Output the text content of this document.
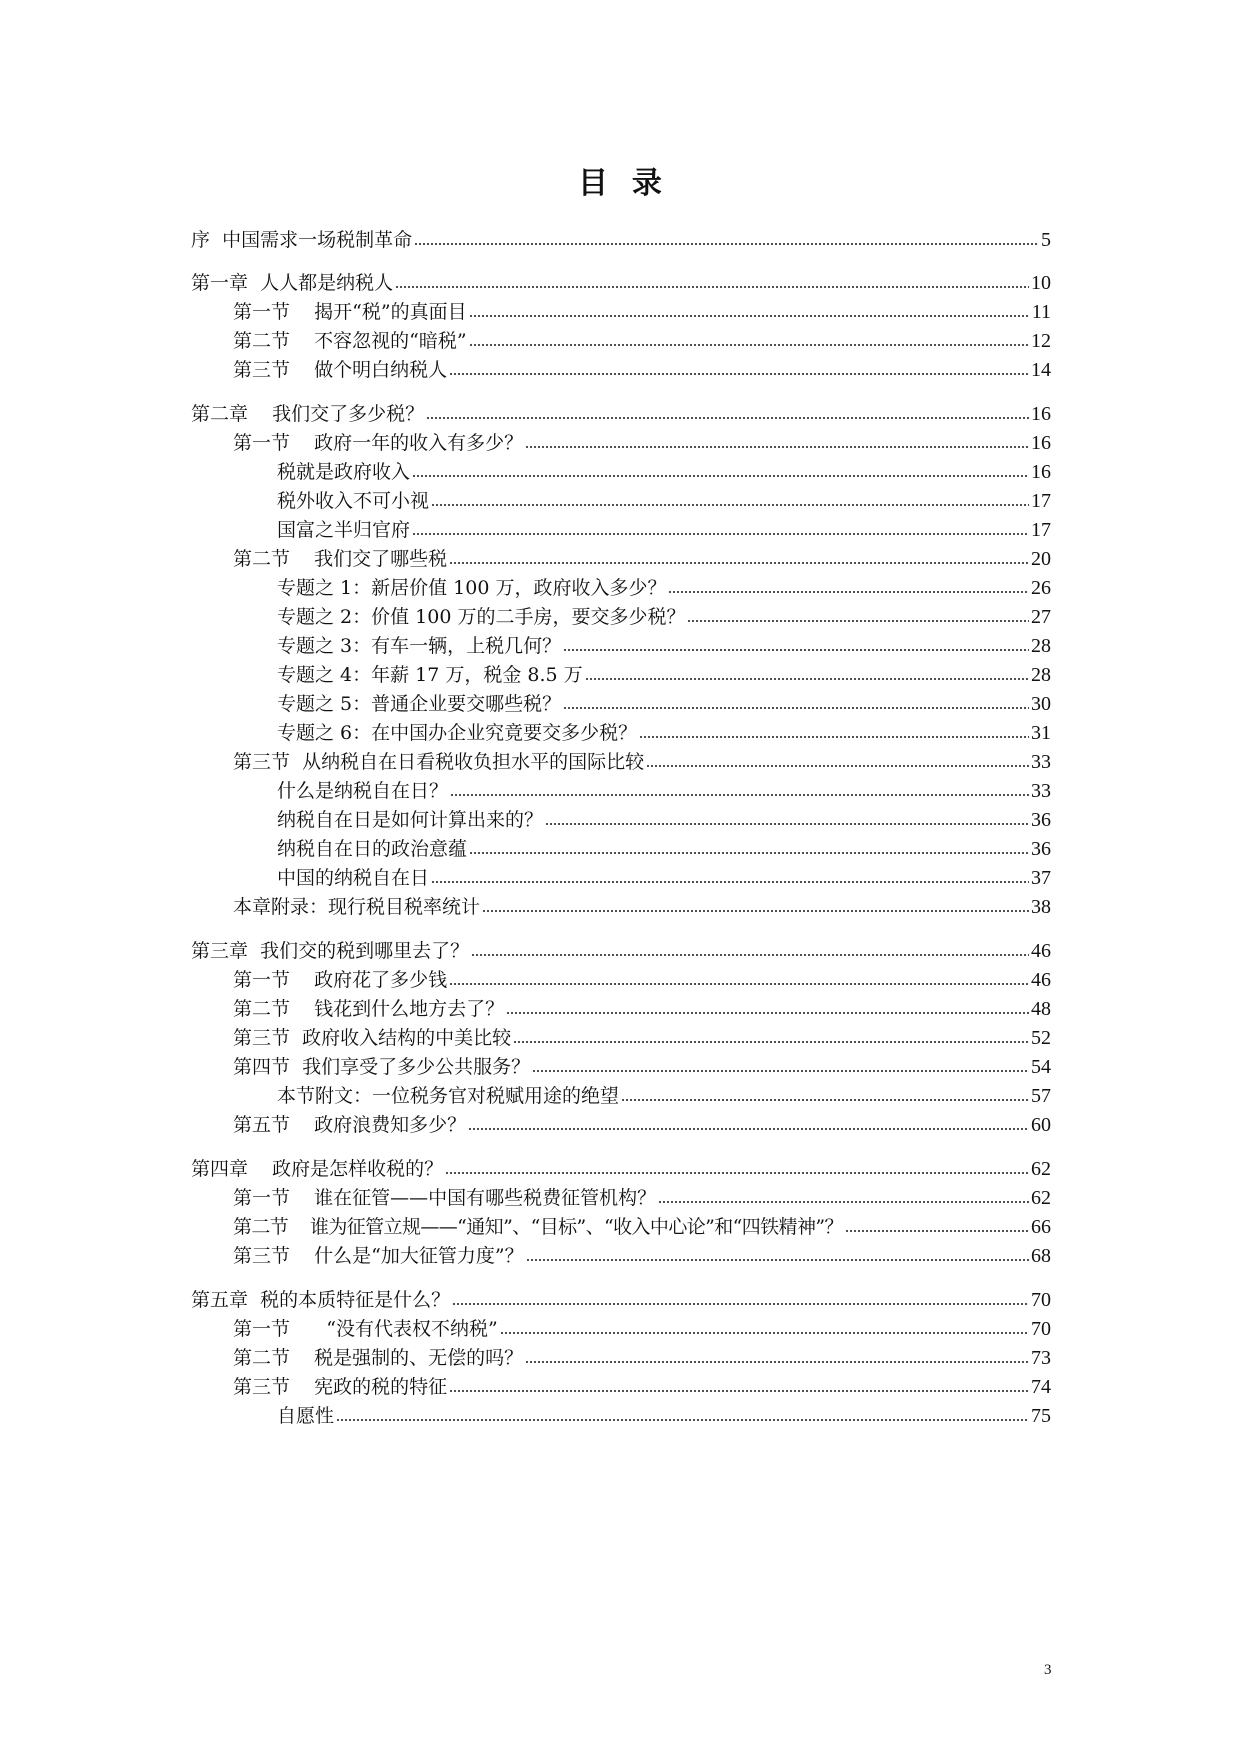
目  录
序  中国需求一场税制革命	5
第一章  人人都是纳税人	10
第一节    揭开“税”的真面目	11
第二节    不容忽视的“暗税”	12
第三节    做个明白纳税人	14
第二章    我们交了多少税？	16
第一节    政府一年的收入有多少？	16
税就是政府收入	16
税外收入不可小视	17
国富之半归官府	17
第二节    我们交了哪些税	20
专题之 1：新居价值 100 万，政府收入多少？	26
专题之 2：价值 100 万的二手房，要交多少税？	27
专题之 3：有车一辆，上税几何？	28
专题之 4：年薪 17 万，税金 8.5 万	28
专题之 5：普通企业要交哪些税？	30
专题之 6：在中国办企业究竟要交多少税？	31
第三节  从纳税自在日看税收负担水平的国际比较	33
什么是纳税自在日？	33
纳税自在日是如何计算出来的？	36
纳税自在日的政治意蕴	36
中国的纳税自在日	37
本章附录：现行税目税率统计	38
第三章  我们交的税到哪里去了？	46
第一节    政府花了多少钱	46
第二节    钱花到什么地方去了？	48
第三节  政府收入结构的中美比较	52
第四节  我们享受了多少公共服务？	54
本节附文：一位税务官对税赋用途的绝望	57
第五节    政府浪费知多少？	60
第四章    政府是怎样收税的？	62
第一节    谁在征管——中国有哪些税费征管机构？	62
第二节    谁为征管立规——“通知”、“目标”、“收入中心论”和“四铁精神”？	66
第三节    什么是“加大征管力度”？	68
第五章  税的本质特征是什么？	70
第一节      “没有代表权不纳税”	70
第二节    税是强制的、无偿的吗？	73
第三节    宪政的税的特征	74
自愿性	75
3
